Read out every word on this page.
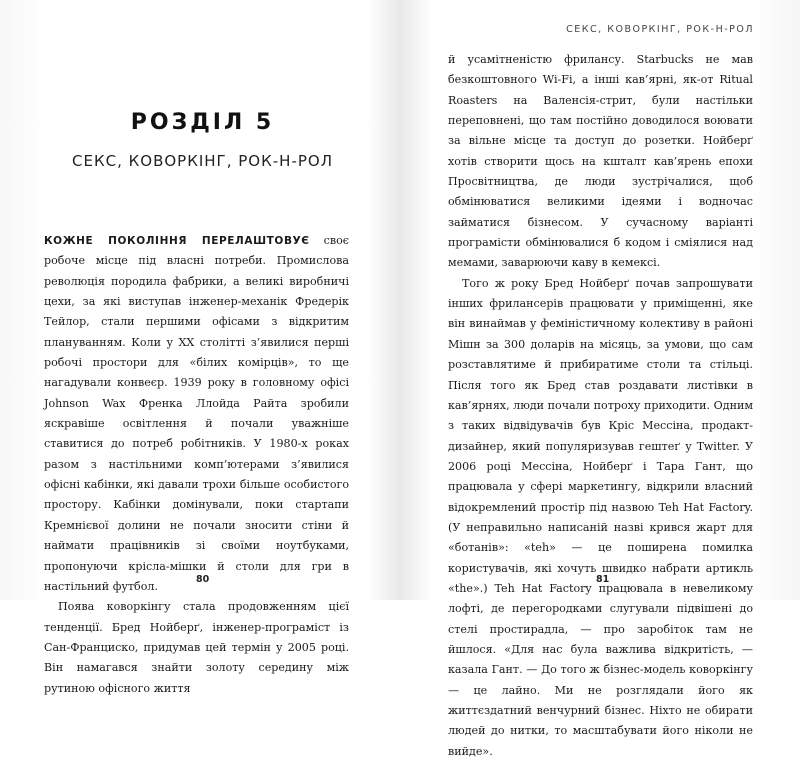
РОЗДІЛ 5
СЕКС, КОВОРКІНГ, РОК-Н-РОЛ

КОЖНЕ ПОКОЛІННЯ ПЕРЕЛАШТОВУЄ своє робоче місце під власні потреби. Промислова революція породила фабрики, а великі виробничі цехи, за які виступав інженер-механік Фредерік Тейлор, стали першими офісами з відкритим плануванням. Коли у XX столітті з’явилися перші робочі простори для «білих комірців», то ще нагадували конвеєр. 1939 року в головному офісі Johnson Wax Френка Ллойда Райта зробили яскравіше освітлення й почали уважніше ставитися до потреб робітників. У 1980-х роках разом з настільними комп’ютерами з’явилися офісні кабінки, які давали трохи більше особистого простору. Кабінки домінували, поки стартапи Кремнієвої долини не почали зносити стіни й наймати працівників зі своїми ноутбуками, пропонуючи крісла-мішки й столи для гри в настільний футбол.

Поява коворкінгу стала продовженням цієї тенденції. Бред Нойберґ, інженер-програміст із Сан-Франциско, придумав цей термін у 2005 році. Він намагався знайти золоту середину між рутиною офісного життя

80
СЕКС, КОВОРКІНГ, РОК-Н-РОЛ

й усамітненістю фрилансу. Starbucks не мав безкоштовного Wi-Fi, а інші кав’ярні, як-от Ritual Roasters на Валенсія-стрит, були настільки переповнені, що там постійно доводилося воювати за вільне місце та доступ до розетки. Нойберґ хотів створити щось на кшталт кав’ярень епохи Просвітництва, де люди зустрічалися, щоб обмінюватися великими ідеями і водночас займатися бізнесом. У сучасному варіанті програмісти обмінювалися б кодом і сміялися над мемами, заварюючи каву в кемексі.

Того ж року Бред Нойберґ почав запрошувати інших фрилансерів працювати у приміщенні, яке він винаймав у феміністичному колективу в районі Мішн за 300 доларів на місяць, за умови, що сам розставлятиме й прибиратиме столи та стільці. Після того як Бред став роздавати листівки в кав’ярнях, люди почали потроху приходити. Одним з таких відвідувачів був Кріс Мессіна, продакт-дизайнер, який популяризував гештеґ у Twitter. У 2006 році Мессіна, Нойберґ і Тара Гант, що працювала у сфері маркетингу, відкрили власний відокремлений простір під назвою Teh Hat Factory. (У неправильно написаній назві крився жарт для «ботанів»: «teh» — це поширена помилка користувачів, які хочуть швидко набрати артикль «the».) Teh Hat Factory працювала в невеликому лофті, де перегородками слугували підвішені до стелі простирадла, — про заробіток там не йшлося. «Для нас була важлива відкритість, — казала Гант. — До того ж бізнес-модель коворкінгу — це лайно. Ми не розглядали його як життєздатний венчурний бізнес. Ніхто не обирати людей до нитки, то масштабувати його ніколи не вийде».

81
